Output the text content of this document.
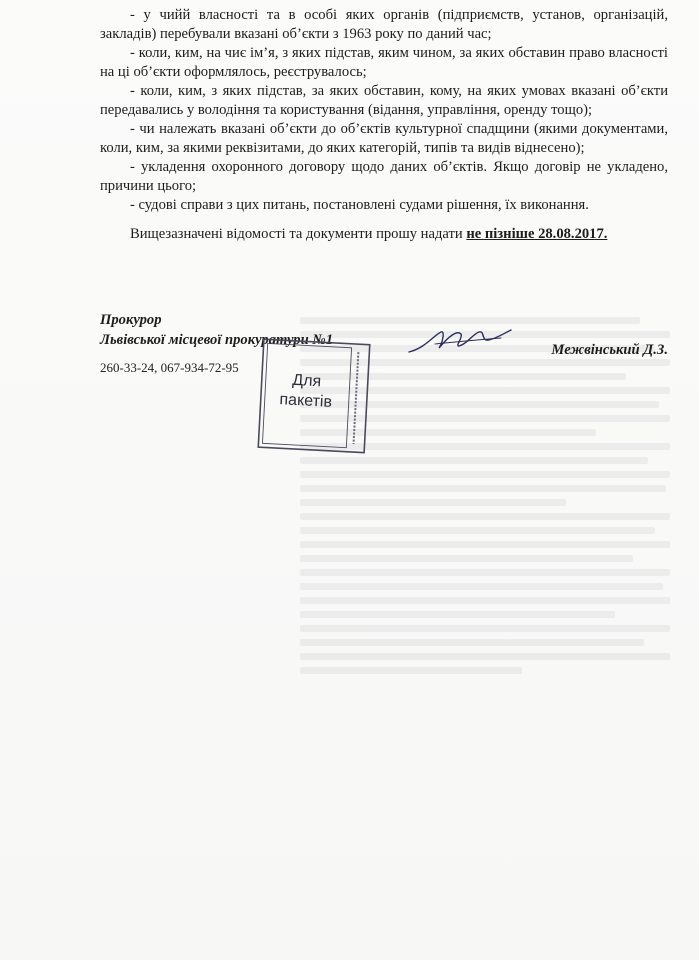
- у чийй власності та в особі яких органів (підприємств, установ, організацій, закладів) перебували вказані об’єкти з 1963 року по даний час;

- коли, ким, на чиє ім’я, з яких підстав, яким чином, за яких обставин право власності на ці об’єкти оформлялось, реєструвалось;

- коли, ким, з яких підстав, за яких обставин, кому, на яких умовах вказані об’єкти передавались у володіння та користування (відання, управління, оренду тощо);

- чи належать вказані об’єкти до об’єктів культурної спадщини (якими документами, коли, ким, за якими реквізитами, до яких категорій, типів та видів віднесено);

- укладення охоронного договору щодо даних об’єктів. Якщо договір не укладено, причини цього;

- судові справи з цих питань, постановлені судами рішення, їх виконання.

Вищезазначені відомості та документи прошу надати не пізніше 28.08.2017.

Прокурор
Львівської місцевої прокуратури №1
Межвінський Д.З.
260-33-24, 067-934-72-95
Для пакетів
